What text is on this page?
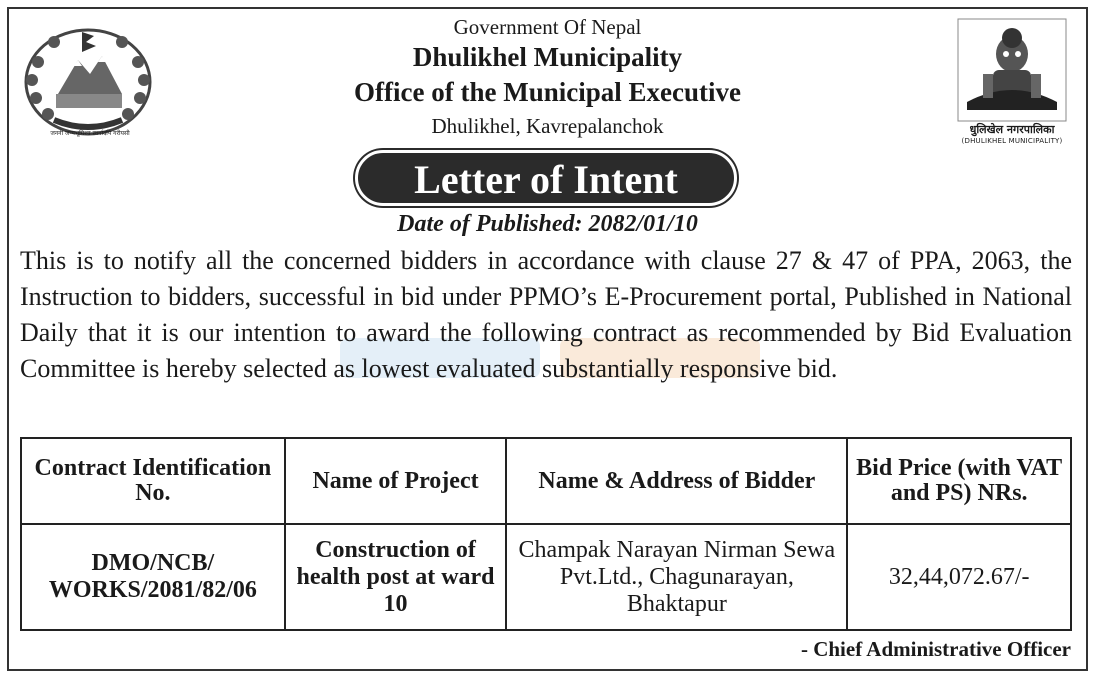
जननी जन्मभूमिश्च स्वर्गादपि गरीयसी
Government Of Nepal
Dhulikhel Municipality
Office of the Municipal Executive
Dhulikhel, Kavrepalanchok	धुलिखेल नगरपालिका
(DHULIKHEL MUNICIPALITY)
Letter of Intent
Date of Published: 2082/01/10

This is to notify all the concerned bidders in accordance with clause 27 & 47 of PPA, 2063, the Instruction to bidders, successful in bid under PPMO’s E-Procurement portal, Published in National Daily that it is our intention to award the following contract as recommended by Bid Evaluation Committee is hereby selected as lowest evaluated substantially responsive bid.

Contract Identification No.	Name of Project	Name & Address of Bidder	Bid Price (with VAT and PS) NRs.
DMO/NCB/ WORKS/2081/82/06	Construction of health post at ward 10	Champak Narayan Nirman Sewa Pvt.Ltd., Chagunarayan, Bhaktapur	32,44,072.67/-
- Chief Administrative Officer
